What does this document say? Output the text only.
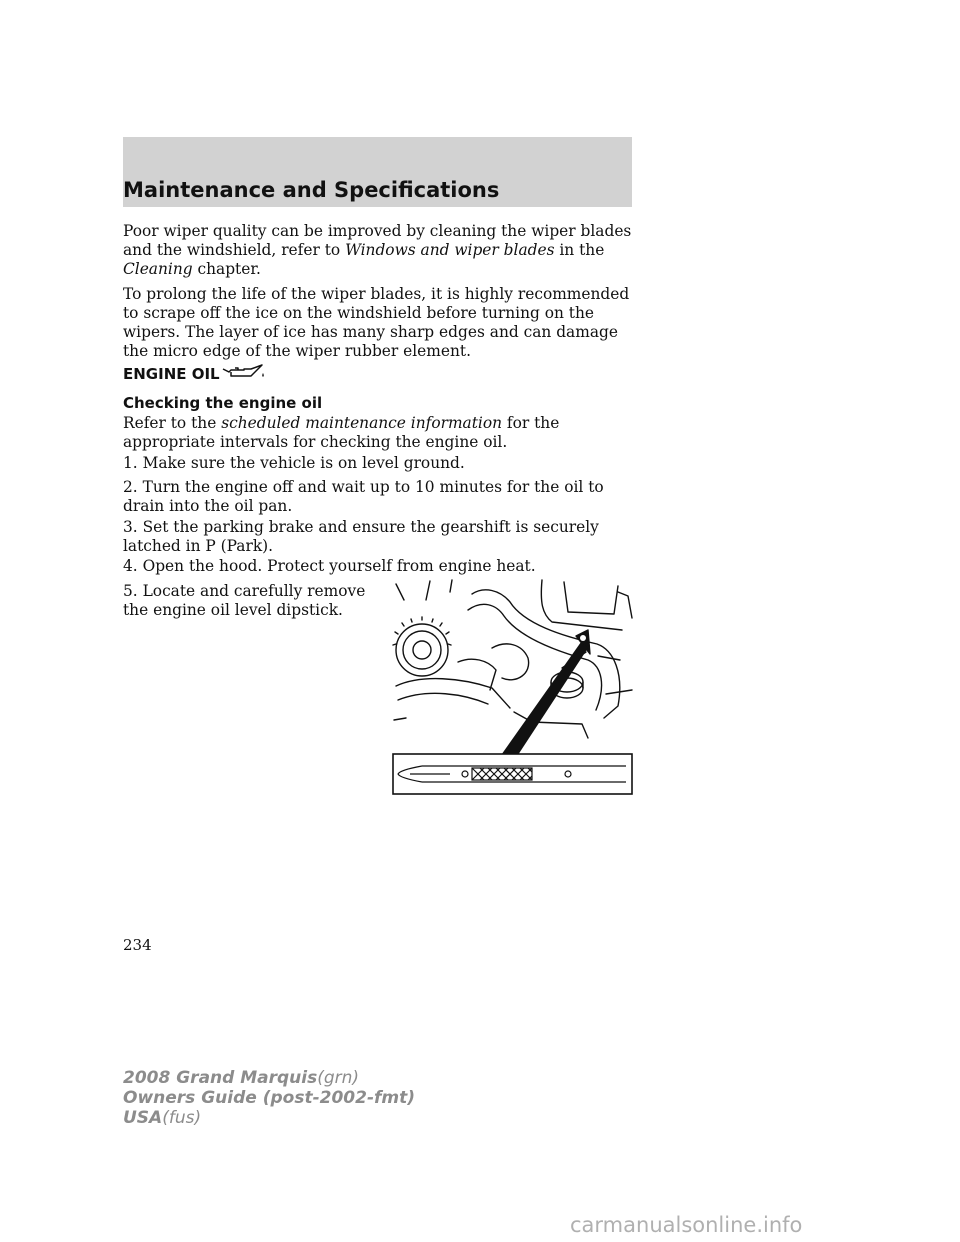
Maintenance and Specifications

Poor wiper quality can be improved by cleaning the wiper blades and the windshield, refer to Windows and wiper blades in the Cleaning chapter.

To prolong the life of the wiper blades, it is highly recommended to scrape off the ice on the windshield before turning on the wipers. The layer of ice has many sharp edges and can damage the micro edge of the wiper rubber element.

ENGINE OIL
Checking the engine oil

Refer to the scheduled maintenance information for the appropriate intervals for checking the engine oil.

1. Make sure the vehicle is on level ground.

2. Turn the engine off and wait up to 10 minutes for the oil to drain into the oil pan.

3. Set the parking brake and ensure the gearshift is securely latched in P (Park).

4. Open the hood. Protect yourself from engine heat.

5. Locate and carefully remove the engine oil level dipstick.

234
2008 Grand Marquis(grn)
Owners Guide (post-2002-fmt)
USA(fus)
carmanualsonline.info
